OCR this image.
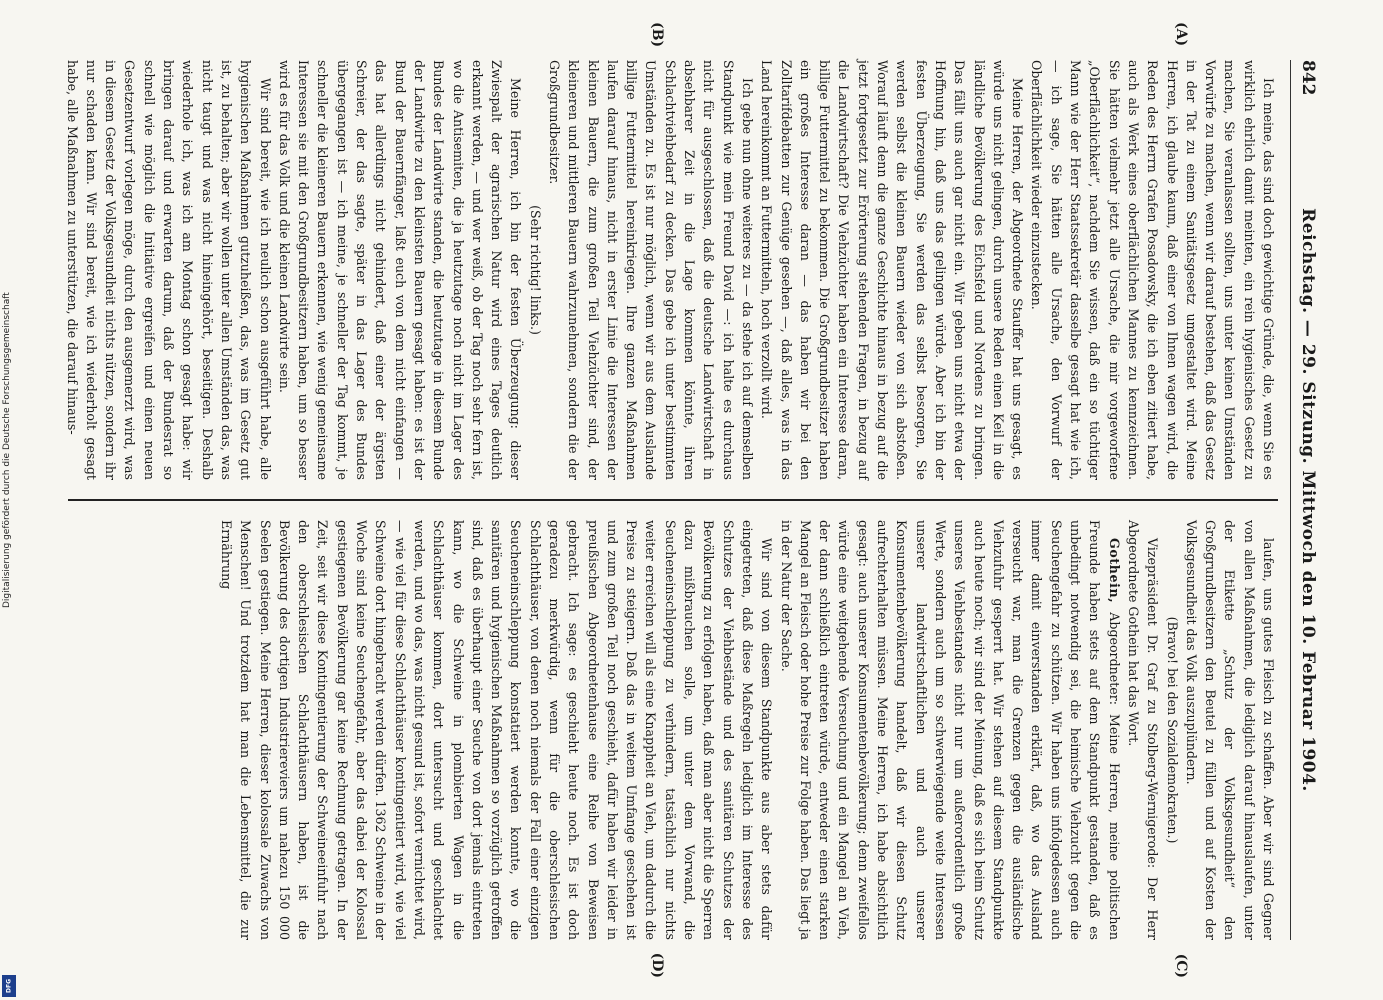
842
Reichstag. — 29. Sitzung. Mittwoch den 10. Februar 1904.
(A)
(B)

Ich meine, das sind doch gewichtige Gründe, die, wenn Sie es wirklich ehrlich damit meinten, ein rein hygienisches Gesetz zu machen, Sie veranlassen sollten, uns unter keinen Umständen Vorwürfe zu machen, wenn wir darauf bestehen, daß das Gesetz in der Tat zu einem Sanitätsgesetz umgestaltet wird. Meine Herren, ich glaube kaum, daß einer von Ihnen wagen wird, die Reden des Herrn Grafen Posadowsky, die ich eben zitiert habe, auch als Werk eines oberflächlichen Mannes zu kennzeichnen. Sie hätten vielmehr jetzt alle Ursache, die mir vorgeworfene „Oberflächlichkeit“, nachdem Sie wissen, daß ein so tüchtiger Mann wie der Herr Staatssekretär dasselbe gesagt hat wie ich, — ich sage, Sie hätten alle Ursache, den Vorwurf der Oberflächlichkeit wieder einzustecken.

Meine Herren, der Abgeordnete Stauffer hat uns gesagt, es würde uns nicht gelingen, durch unsere Reden einen Keil in die ländliche Bevölkerung des Eichsfeld und Nordens zu bringen. Das fällt uns auch gar nicht ein. Wir geben uns nicht etwa der Hoffnung hin, daß uns das gelingen würde. Aber ich bin der festen Überzeugung, Sie werden das selbst besorgen, Sie werden selbst die kleinen Bauern wieder von sich abstoßen. Worauf läuft denn die ganze Geschichte hinaus in bezug auf die jetzt fortgesetzt zur Erörterung stehenden Fragen, in bezug auf die Landwirtschaft? Die Viehzüchter haben ein Interesse daran, billige Futtermittel zu bekommen. Die Großgrundbesitzer haben ein großes Interesse daran — das haben wir bei den Zolltarifdebatten zur Genüge gesehen —, daß alles, was in das Land hereinkommt an Futtermitteln, hoch verzollt wird.

Ich gebe nun ohne weiteres zu — da stehe ich auf demselben Standpunkt wie mein Freund David —: ich halte es durchaus nicht für ausgeschlossen, daß die deutsche Landwirtschaft in absehbarer Zeit in die Lage kommen könnte, ihren Schlachtviehbedarf zu decken. Das gebe ich unter bestimmten Umständen zu. Es ist nur möglich, wenn wir aus dem Auslande billige Futtermittel hereinkriegen. Ihre ganzen Maßnahmen laufen darauf hinaus, nicht in erster Linie die Interessen der kleinen Bauern, die zum großen Teil Viehzüchter sind, der kleineren und mittleren Bauern wahrzunehmen, sondern die der Großgrundbesitzer.

(Sehr richtig! links.)

Meine Herren, ich bin der festen Überzeugung: dieser Zwiespalt der agrarischen Natur wird eines Tages deutlich erkannt werden, — und wer weiß, ob der Tag noch sehr fern ist, wo die Antisemiten, die ja heutzutage noch nicht im Lager des Bundes der Landwirte standen, die heutzutage in diesem Bunde der Landwirte zu den kleinsten Bauern gesagt haben: es ist der Bund der Bauernfänger, laßt euch von dem nicht einfangen — das hat allerdings nicht gehindert, daß einer der ärgsten Schreier, der das sagte, später in das Lager des Bundes übergegangen ist — ich meine, je schneller der Tag kommt, je schneller die kleineren Bauern erkennen, wie wenig gemeinsame Interessen sie mit den Großgrundbesitzern haben, um so besser wird es für das Volk und die kleinen Landwirte sein.

Wir sind bereit, wie ich neulich schon ausgeführt habe, alle hygienischen Maßnahmen gutzuheißen, das, was im Gesetz gut ist, zu behalten; aber wir wollen unter allen Umständen das, was nicht taugt und was nicht hineingehört, beseitigen. Deshalb wiederhole ich, was ich am Montag schon gesagt habe: wir bringen darauf und erwarten darum, daß der Bundesrat so schnell wie möglich die Initiative ergreifen und einen neuen Gesetzentwurf vorlegen möge, durch den ausgemerzt wird, was in diesem Gesetz der Volksgesundheit nichts nützen, sondern ihr nur schaden kann. Wir sind bereit, wie ich wiederholt gesagt habe, alle Maßnahmen zu unterstützen, die darauf hinaus-

(C)
(D)

laufen, uns gutes Fleisch zu schaffen. Aber wir sind Gegner von allen Maßnahmen, die lediglich darauf hinauslaufen, unter der Etikette „Schutz der Volksgesundheit“ den Großgrundbesitzern den Beutel zu füllen und auf Kosten der Volksgesundheit das Volk auszuplündern.

(Bravo! bei den Sozialdemokraten.)

Vizepräsident Dr. Graf zu Stolberg-Wernigerode: Der Herr Abgeordnete Gothein hat das Wort.

Gothein, Abgeordneter: Meine Herren, meine politischen Freunde haben stets auf dem Standpunkt gestanden, daß es unbedingt notwendig sei, die heimische Viehzucht gegen die Seuchengefahr zu schützen. Wir haben uns infolgedessen auch immer damit einverstanden erklärt, daß, wo das Ausland verseucht war, man die Grenzen gegen die ausländische Viehzufuhr gesperrt hat. Wir stehen auf diesem Standpunkte auch heute noch; wir sind der Meinung, daß es sich beim Schutz unseres Viehbestandes nicht nur um außerordentlich große Werte, sondern auch um so schwerwiegende weite Interessen unserer landwirtschaftlichen und auch unserer Konsumentenbevölkerung handelt, daß wir diesen Schutz aufrechterhalten müssen. Meine Herren, ich habe absichtlich gesagt: auch unserer Konsumentenbevölkerung; denn zweifellos würde eine weitgehende Verseuchung und ein Mangel an Vieh, der dann schließlich eintreten würde, entweder einen starken Mangel an Fleisch oder hohe Preise zur Folge haben. Das liegt ja in der Natur der Sache.

Wir sind von diesem Standpunkte aus aber stets dafür eingetreten, daß diese Maßregeln lediglich im Interesse des Schutzes der Viehbestände und des sanitären Schutzes der Bevölkerung zu erfolgen haben, daß man aber nicht die Sperren dazu mißbrauchen solle, um unter dem Vorwand, die Seucheneinschleppung zu verhindern, tatsächlich nur nichts weiter erreichen will als eine Knappheit an Vieh, um dadurch die Preise zu steigern. Daß das in weitem Umfange geschehen ist und zum großen Teil noch geschieht, dafür haben wir leider in preußischen Abgeordnetenhause eine Reihe von Beweisen gebracht. Ich sage: es geschieht heute noch. Es ist doch geradezu merkwürdig, wenn für die oberschlesischen Schlachthäuser, von denen noch niemals der Fall einer einzigen Seucheneinschleppung konstatiert werden konnte, wo die sanitären und hygienischen Maßnahmen so vorzüglich getroffen sind, daß es überhaupt einer Seuche von dort jemals eintreten kann, wo die Schweine in plombierten Wagen in die Schlachthäuser kommen, dort untersucht und geschlachtet werden, und wo das, was nicht gesund ist, sofort vernichtet wird, — wie viel für diese Schlachthäuser kontingentiert wird, wie viel Schweine dort hingebracht werden dürfen. 1362 Schweine in der Woche sind keine Seuchengefahr, aber das dabei der Kolossal gestiegenen Bevölkerung gar keine Rechnung getragen. In der Zeit, seit wir diese Kontingentierung der Schweineeinfuhr nach den oberschlesischen Schlachthäusern haben, ist die Bevölkerung des dortigen Industriereviers um nahezu 150 000 Seelen gestiegen. Meine Herren, dieser kolossale Zuwachs von Menschen! Und trotzdem hat man die Lebensmittel, die zur Ernährung

Digitalisierung gefördert durch die Deutsche Forschungsgemeinschaft
DFG
